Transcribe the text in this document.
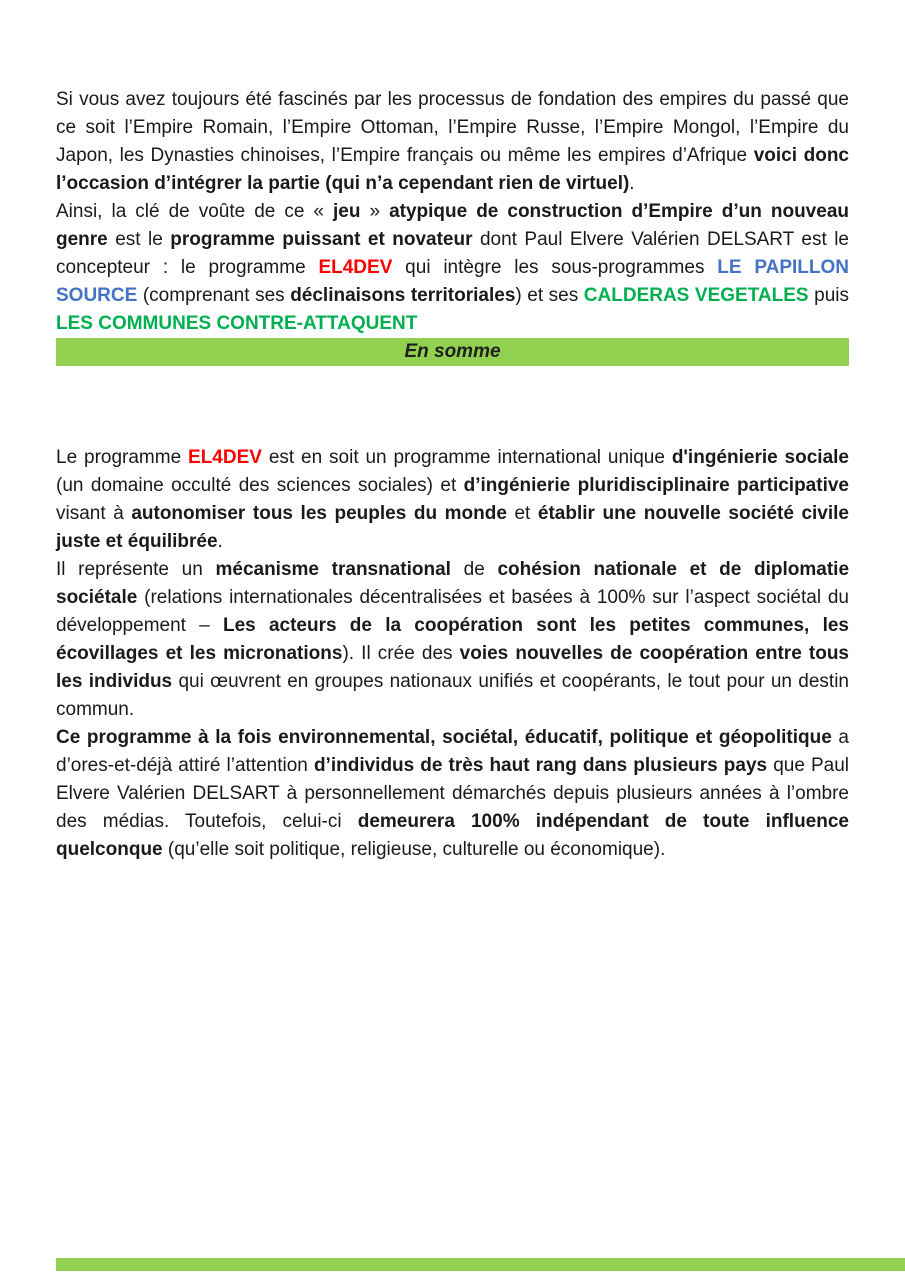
Si vous avez toujours été fascinés par les processus de fondation des empires du passé que ce soit l’Empire Romain, l’Empire Ottoman, l’Empire Russe, l’Empire Mongol, l’Empire du Japon, les Dynasties chinoises, l’Empire français ou même les empires d’Afrique voici donc l’occasion d’intégrer la partie (qui n’a cependant rien de virtuel).

Ainsi, la clé de voûte de ce « jeu » atypique de construction d’Empire d’un nouveau genre est le programme puissant et novateur dont Paul Elvere Valérien DELSART est le concepteur : le programme EL4DEV qui intègre les sous-programmes LE PAPILLON SOURCE (comprenant ses déclinaisons territoriales) et ses CALDERAS VEGETALES puis LES COMMUNES CONTRE-ATTAQUENT

En somme

Le programme EL4DEV est en soit un programme international unique d'ingénierie sociale (un domaine occulté des sciences sociales) et d’ingénierie pluridisciplinaire participative visant à autonomiser tous les peuples du monde et établir une nouvelle société civile juste et équilibrée.

Il représente un mécanisme transnational de cohésion nationale et de diplomatie sociétale (relations internationales décentralisées et basées à 100% sur l’aspect sociétal du développement – Les acteurs de la coopération sont les petites communes, les écovillages et les micronations). Il crée des voies nouvelles de coopération entre tous les individus qui œuvrent en groupes nationaux unifiés et coopérants, le tout pour un destin commun.

Ce programme à la fois environnemental, sociétal, éducatif, politique et géopolitique a d’ores-et-déjà attiré l’attention d’individus de très haut rang dans plusieurs pays que Paul Elvere Valérien DELSART à personnellement démarchés depuis plusieurs années à l’ombre des médias. Toutefois, celui-ci demeurera 100% indépendant de toute influence quelconque (qu’elle soit politique, religieuse, culturelle ou économique).
